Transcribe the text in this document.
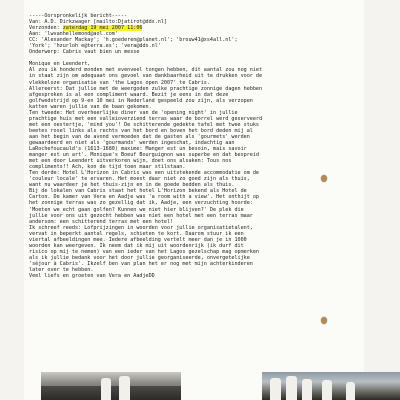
-----Oorspronkelijk bericht-----
Van: A.D. Dirkzwager [mailto:Djatirot@dds.nl]
Verzonden: zaterdag 19 mei 2007 11:06
Aan: 'lwvanhellemond@aol.com'
CC: 'Alexander Mackay'; 'h.goederen@planet.nl'; 'brouw41@xs4all.nl';
'York'; 'hzurloh e@terra.es'; 'vera@dds.nl'
Onderwerp: Cabris vaut bien un messe

Monique en Leendert,
Al zou ik honderd monden met evenveel tongen hebben, dit aantal zou nog niet
in staat zijn om adequaat ons gevoel van dankbaarheid uit te drukken voor de
vlekkeloze organisatie van 'the Lagos open 2007' te Cabris.
Allereerst: Dat jullie met de weergoden zulke prachtige zonnige dagen hebben
afgesproken is al een compliment waard. Bezit je eens in dat deze
golfwedstrijd op 9-en 10 mei in Nederland gespeeld zou zijn, als verzopen
katten waren jullie van de baan gekomen.
Ten tweede: Het overheerlijke diner van de 'opening night' in jullie
prachtige huis met een valleioverziend terras waar de borrel werd geserveerd
met een oestertje, 'mind you'! De schitterende gedekte tafel met twee stuks
beetes rosel links als rechts van het bord en boven het bord deden mij al
aan het begin van de avond vermoeden dat de gasten als 'gourmets' werden
gewaardeerd en niet als 'gourmands' werden ingeschat, indachtig aan
LaRochefoucauld's (1613-1680) maxime: Manger est un besoin, mais savoir
manger est un art'. Monique's Boeuf Bourguignon was superbe en dat bespreid
met een door Leendert uitverkoren wijn, doet ons alsaken: Tous nos
compliments!! Ach, kon de tijd toen maar stilstaan.
Ten derde: Hotel L'Horizon in Cabris was een uitstekende accommodatie om de
'couleur locale' te ervaren. Het moest daar niet zo goed zijn als thuis,
want nu waardeer je het thuis-zijn en in de goede bedden als thuis.
Bij de lokalen van Cabris staat het hotel L'Horizon bekend als Hotel de
Carton. De kamer van Vera en Aadje was 'a room with a view'. Het onthijt op
het zonnige terras was zo gezellig dat ik, Aadje, een verzuchting hoorde:
'Moeten we echt gaan golfen? Kunnen we niet hier blijven?' De plek die
jullie voor ons uit gezocht hebben was niet een hotel met een terras maar
andersom: een schitterend terras met een hotel!
Ik schreef reeds: Lofprijzingen in woorden voor jullie organisatietalent,
vervat in beperkt aantal regels, schieten te kort. Daarom stuur ik een
viertal afbeeldingen mee. Iedere afbeelding vertelt meer dan je in 1000
woorden kan weergeven. Ik neem dat ik mij uit woordenrijk (ik durf dit
risico op mij te nemen) van een ieder van het Lagos gezelschap mag opmerken
als ik jullie bedank voor het door jullie georganiseerde, onvergetelijke
'séjour à Cabris'. Ikzelf ben van plan het er nog met mijn achterkinderen
later over te hebben.
Veel liefs en groeten van Vera en AadjeDD
